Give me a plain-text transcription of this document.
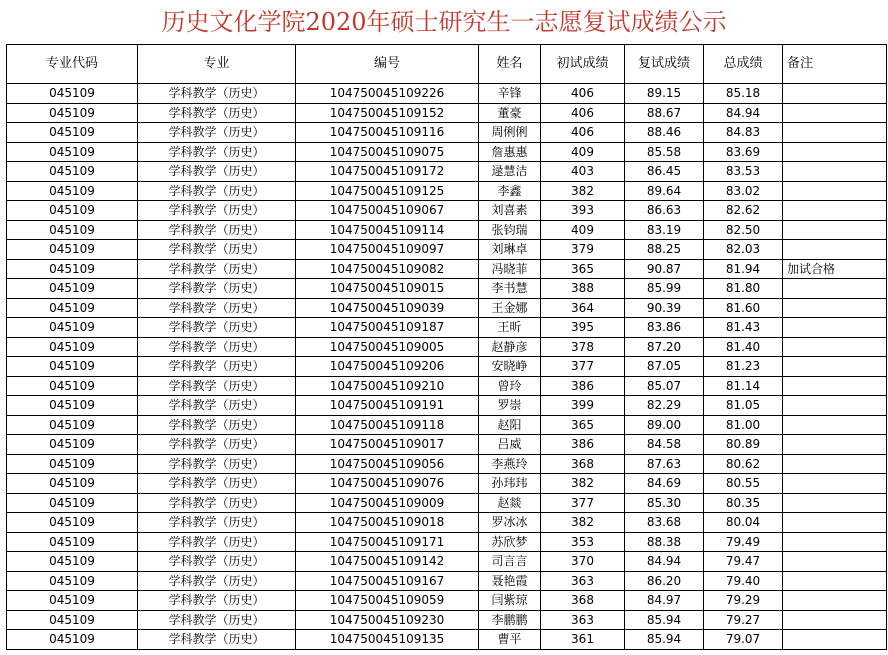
历史文化学院2020年硕士研究生一志愿复试成绩公示
专业代码	专业	编号	姓名	初试成绩	复试成绩	总成绩	备注
045109	学科教学（历史）	104750045109226	辛锋	406	89.15	85.18	
045109	学科教学（历史）	104750045109152	董豪	406	88.67	84.94	
045109	学科教学（历史）	104750045109116	周俐俐	406	88.46	84.83	
045109	学科教学（历史）	104750045109075	詹惠惠	409	85.58	83.69	
045109	学科教学（历史）	104750045109172	逯慧洁	403	86.45	83.53	
045109	学科教学（历史）	104750045109125	李鑫	382	89.64	83.02	
045109	学科教学（历史）	104750045109067	刘喜素	393	86.63	82.62	
045109	学科教学（历史）	104750045109114	张钧瑞	409	83.19	82.50	
045109	学科教学（历史）	104750045109097	刘琳卓	379	88.25	82.03	
045109	学科教学（历史）	104750045109082	冯晓菲	365	90.87	81.94	加试合格
045109	学科教学（历史）	104750045109015	李书慧	388	85.99	81.80	
045109	学科教学（历史）	104750045109039	王金娜	364	90.39	81.60	
045109	学科教学（历史）	104750045109187	王昕	395	83.86	81.43	
045109	学科教学（历史）	104750045109005	赵静彦	378	87.20	81.40	
045109	学科教学（历史）	104750045109206	安晓峥	377	87.05	81.23	
045109	学科教学（历史）	104750045109210	曾玲	386	85.07	81.14	
045109	学科教学（历史）	104750045109191	罗崇	399	82.29	81.05	
045109	学科教学（历史）	104750045109118	赵阳	365	89.00	81.00	
045109	学科教学（历史）	104750045109017	吕威	386	84.58	80.89	
045109	学科教学（历史）	104750045109056	李燕玲	368	87.63	80.62	
045109	学科教学（历史）	104750045109076	孙玮玮	382	84.69	80.55	
045109	学科教学（历史）	104750045109009	赵燚	377	85.30	80.35	
045109	学科教学（历史）	104750045109018	罗冰冰	382	83.68	80.04	
045109	学科教学（历史）	104750045109171	苏欣梦	353	88.38	79.49	
045109	学科教学（历史）	104750045109142	司言言	370	84.94	79.47	
045109	学科教学（历史）	104750045109167	聂艳霞	363	86.20	79.40	
045109	学科教学（历史）	104750045109059	闫紫琼	368	84.97	79.29	
045109	学科教学（历史）	104750045109230	李鹏鹏	363	85.94	79.27	
045109	学科教学（历史）	104750045109135	曹平	361	85.94	79.07	
